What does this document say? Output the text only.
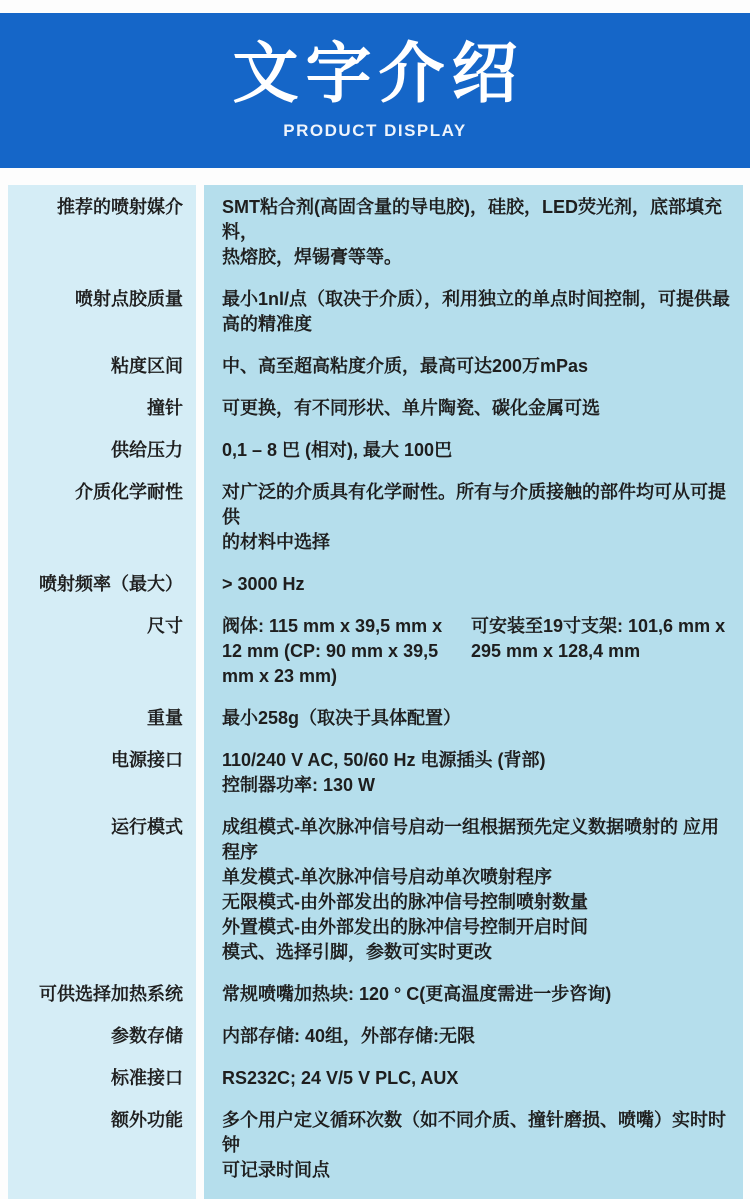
文字介绍
PRODUCT DISPLAY
推荐的喷射媒介	SMT粘合剂(高固含量的导电胶)，硅胶，LED荧光剂，底部填充料，
热熔胶，焊锡膏等等。
喷射点胶质量	最小1nl/点（取决于介质），利用独立的单点时间控制，可提供最
高的精准度
粘度区间	中、高至超高粘度介质，最高可达200万mPas
撞针	可更换，有不同形状、单片陶瓷、碳化金属可选
供给压力	0,1 – 8 巴 (相对), 最大 100巴
介质化学耐性	对广泛的介质具有化学耐性。所有与介质接触的部件均可从可提供
的材料中选择
喷射频率（最大）	> 3000 Hz
尺寸	阀体: 115 mm x 39,5 mm x
12 mm (CP: 90 mm x 39,5
mm x 23 mm)
可安装至19寸支架: 101,6 mm x
295 mm x 128,4 mm
重量	最小258g（取决于具体配置）
电源接口	110/240 V AC, 50/60 Hz 电源插头 (背部)
控制器功率: 130 W
运行模式	成组模式-单次脉冲信号启动一组根据预先定义数据喷射的 应用程序
单发模式-单次脉冲信号启动单次喷射程序
无限模式-由外部发出的脉冲信号控制喷射数量
外置模式-由外部发出的脉冲信号控制开启时间
模式、选择引脚，参数可实时更改
可供选择加热系统	常规喷嘴加热块: 120 ° C(更高温度需进一步咨询)
参数存储	内部存储: 40组，外部存储:无限
标准接口	RS232C; 24 V/5 V PLC, AUX
额外功能	多个用户定义循环次数（如不同介质、撞针磨损、喷嘴）实时时钟
可记录时间点
